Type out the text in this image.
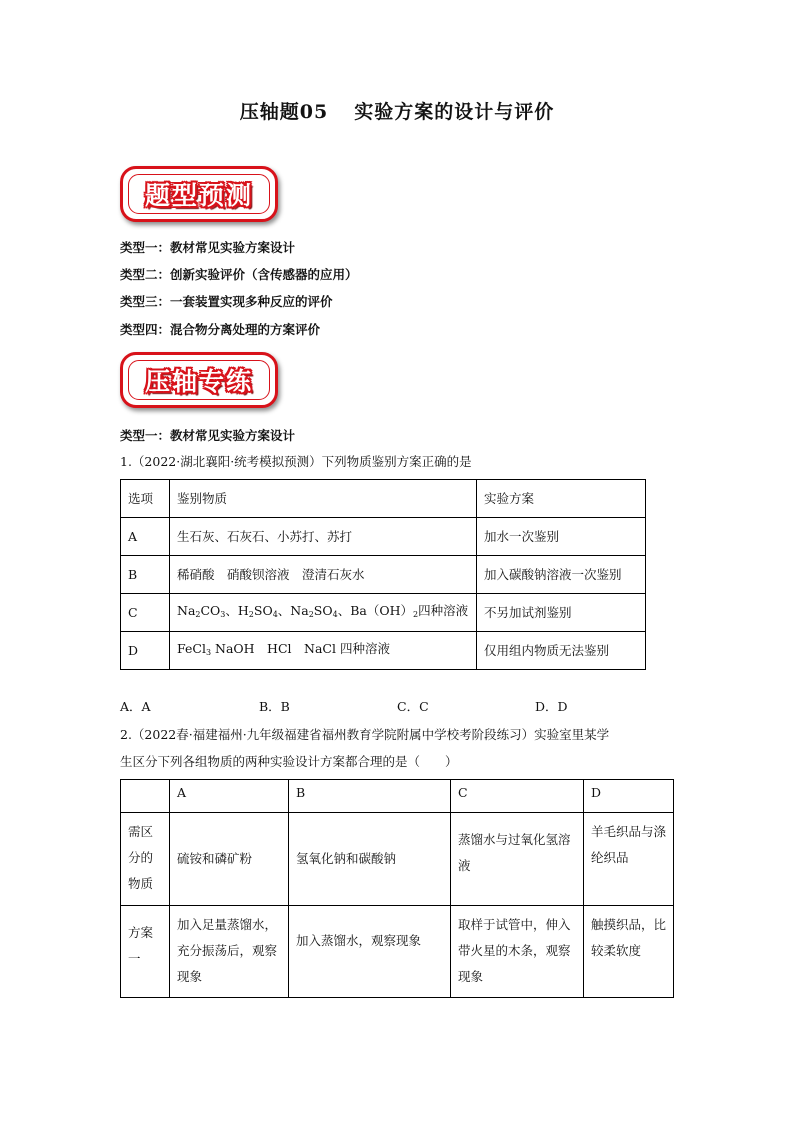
压轴题05 实验方案的设计与评价
题型预测
类型一：教材常见实验方案设计
类型二：创新实验评价（含传感器的应用）
类型三：一套装置实现多种反应的评价
类型四：混合物分离处理的方案评价
压轴专练
类型一：教材常见实验方案设计
1.（2022·湖北襄阳·统考模拟预测）下列物质鉴别方案正确的是
选项	鉴别物质	实验方案
A	生石灰、石灰石、小苏打、苏打	加水一次鉴别
B	稀硝酸　硝酸钡溶液　澄清石灰水	加入碳酸钠溶液一次鉴别
C	$Na_2CO_3$、$H_2SO_4$、$Na_2SO_4$、$Ba(OH)_2$四种溶液	不另加试剂鉴别
D	FeCl$_3$ NaOH　HCl　NaCl 四种溶液	仅用组内物质无法鉴别
A．A	B．B	C．C	D．D
2.（2022春·福建福州·九年级福建省福州教育学院附属中学校考阶段练习）实验室里某学
生区分下列各组物质的两种实验设计方案都合理的是（　　）
	A	B	C	D
需区分的物质	硫铵和磷矿粉	氢氧化钠和碳酸钠	蒸馏水与过氧化氢溶液	羊毛织品与涤纶织品
方案一	加入足量蒸馏水，充分振荡后，观察现象	加入蒸馏水，观察现象	取样于试管中，伸入带火星的木条，观察现象	触摸织品，比较柔软度
